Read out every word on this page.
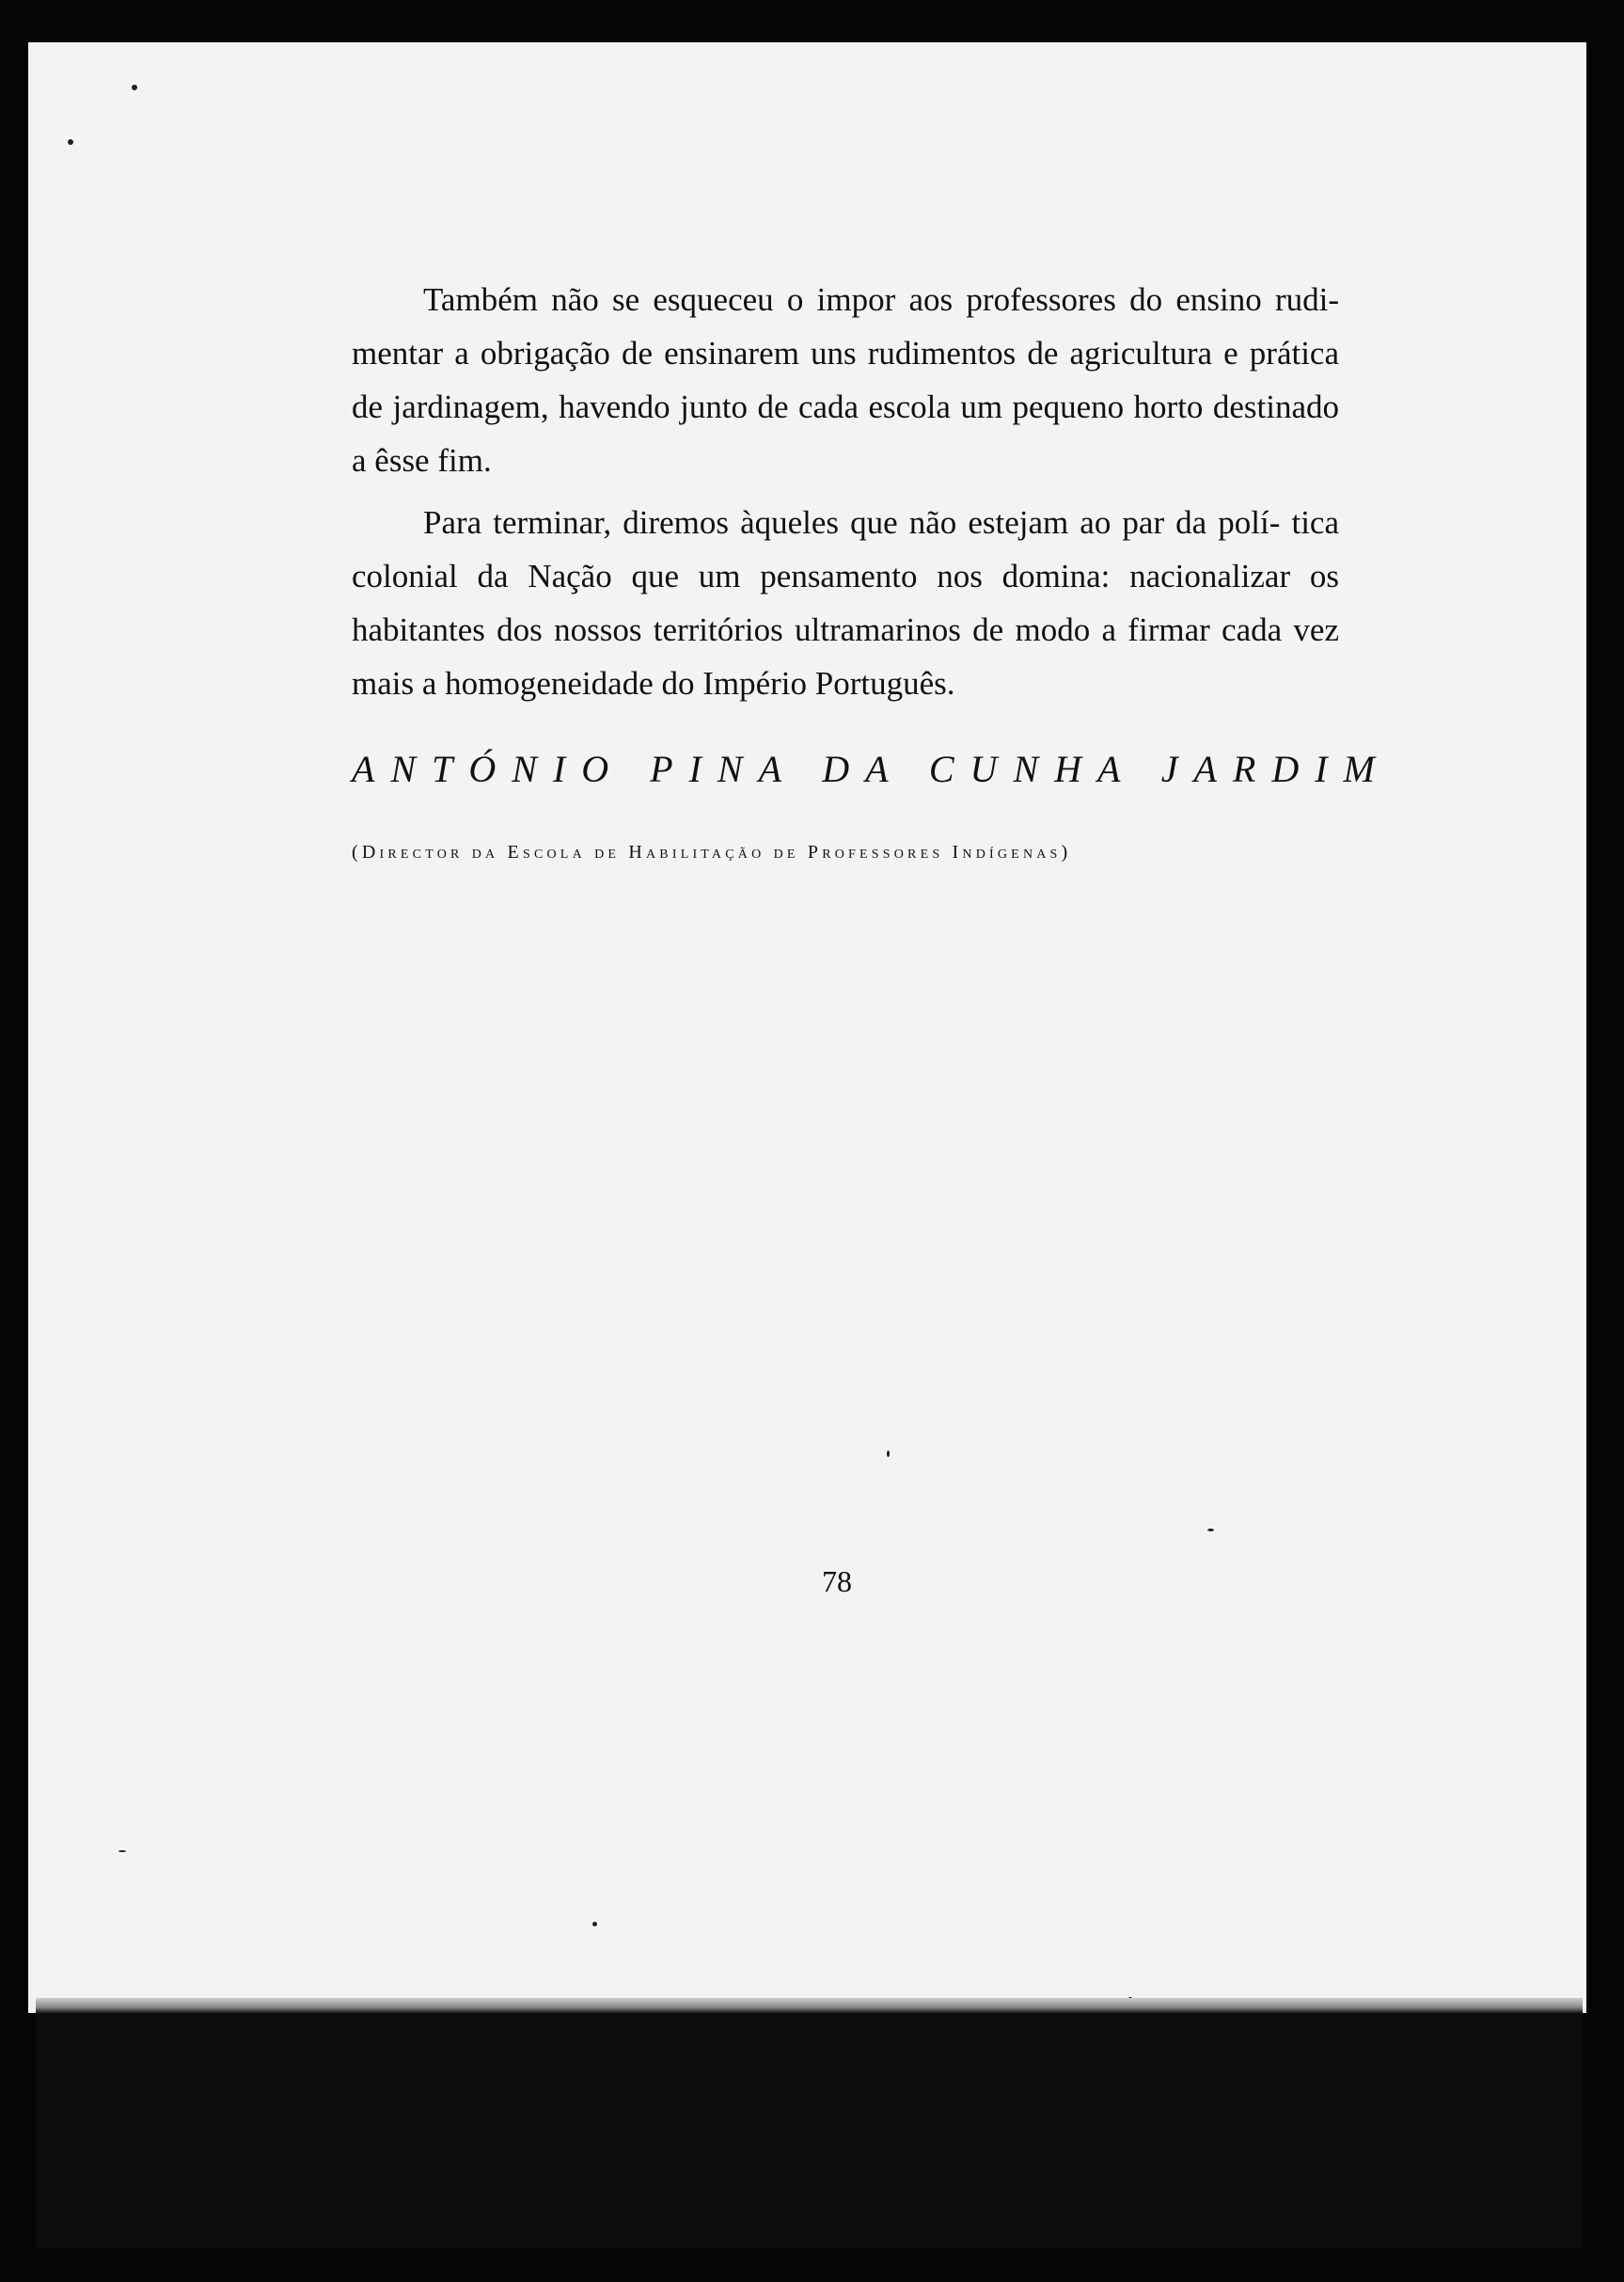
Também não se esqueceu o impor aos professores do ensino rudi- mentar a obrigação de ensinarem uns rudimentos de agricultura e prática de jardinagem, havendo junto de cada escola um pequeno horto destinado a êsse fim.

Para terminar, diremos àqueles que não estejam ao par da polí- tica colonial da Nação que um pensamento nos domina: nacionalizar os habitantes dos nossos territórios ultramarinos de modo a firmar cada vez mais a homogeneidade do Império Português.

ANTÓNIO PINA DA CUNHA JARDIM
(Director da Escola de Habilitação de Professores Indígenas)
78
